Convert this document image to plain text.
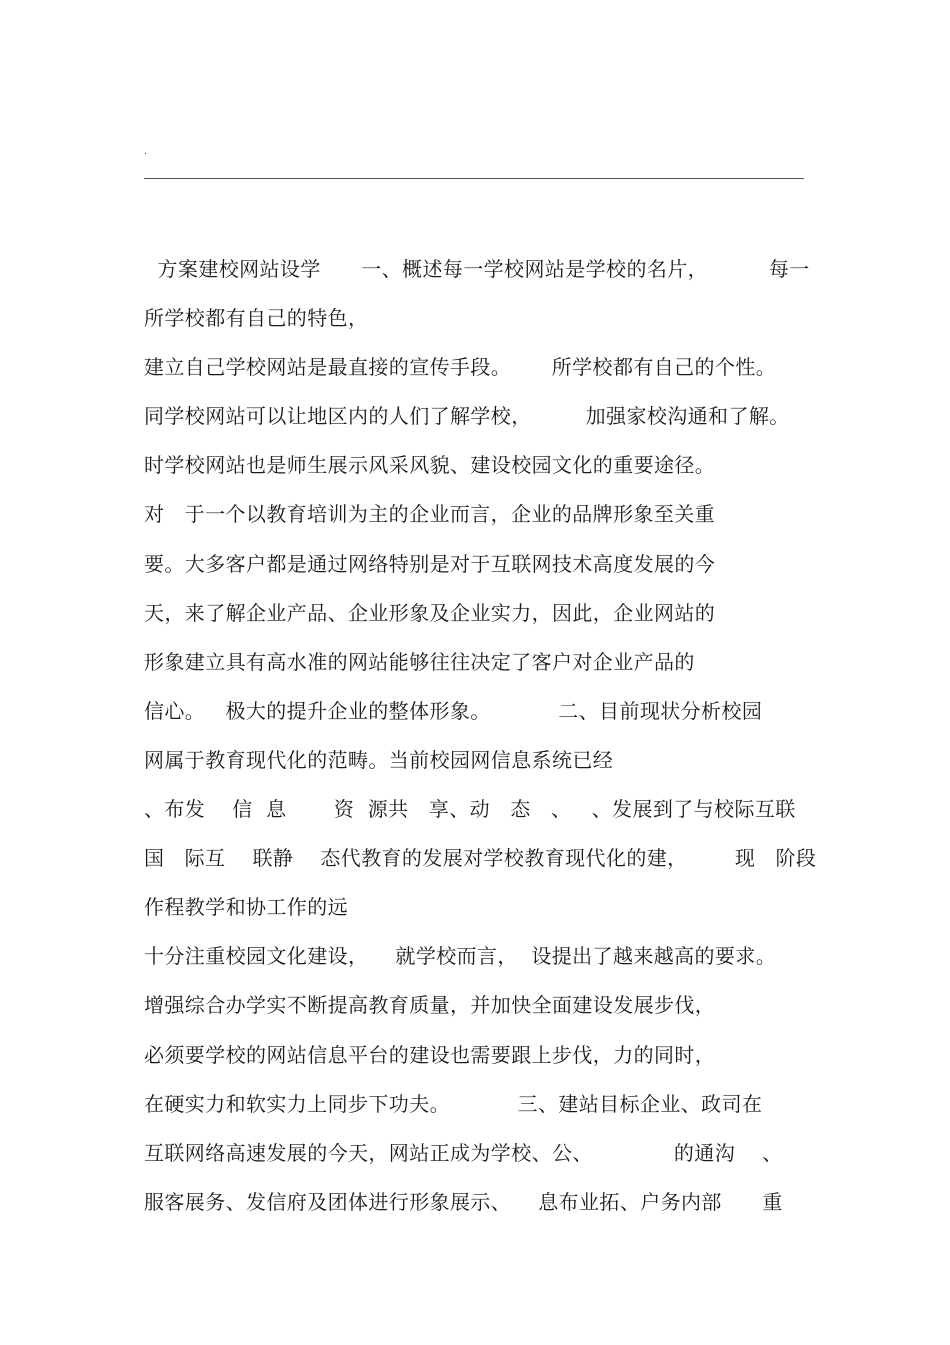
.
方案建校网站设学      一、概述每一学校网站是学校的名片，         每一
所学校都有自己的特色，
建立自己学校网站是最直接的宣传手段。      所学校都有自己的个性。
同学校网站可以让地区内的人们了解学校，        加强家校沟通和了解。
时学校网站也是师生展示风采风貌、建设校园文化的重要途径。
对   于一个以教育培训为主的企业而言，企业的品牌形象至关重
要。大多客户都是通过网络特别是对于互联网技术高度发展的今
天，来了解企业产品、企业形象及企业实力，因此，企业网站的
形象建立具有高水准的网站能够往往决定了客户对企业产品的
信心。   极大的提升企业的整体形象。          二、目前现状分析校园
网属于教育现代化的范畴。当前校园网信息系统已经
、布发    信  息       资  源共   享、动   态   、   、发展到了与校际互联
国   际互    联静    态代教育的发展对学校教育现代化的建，       现   阶段
作程教学和协工作的远
十分注重校园文化建设，    就学校而言，  设提出了越来越高的要求。
增强综合办学实不断提高教育质量，并加快全面建设发展步伐，
必须要学校的网站信息平台的建设也需要跟上步伐，力的同时，
在硬实力和软实力上同步下功夫。          三、建站目标企业、政司在
互联网络高速发展的今天，网站正成为学校、公、            的通沟    、
服客展务、发信府及团体进行形象展示、    息布业拓、户务内部      重
